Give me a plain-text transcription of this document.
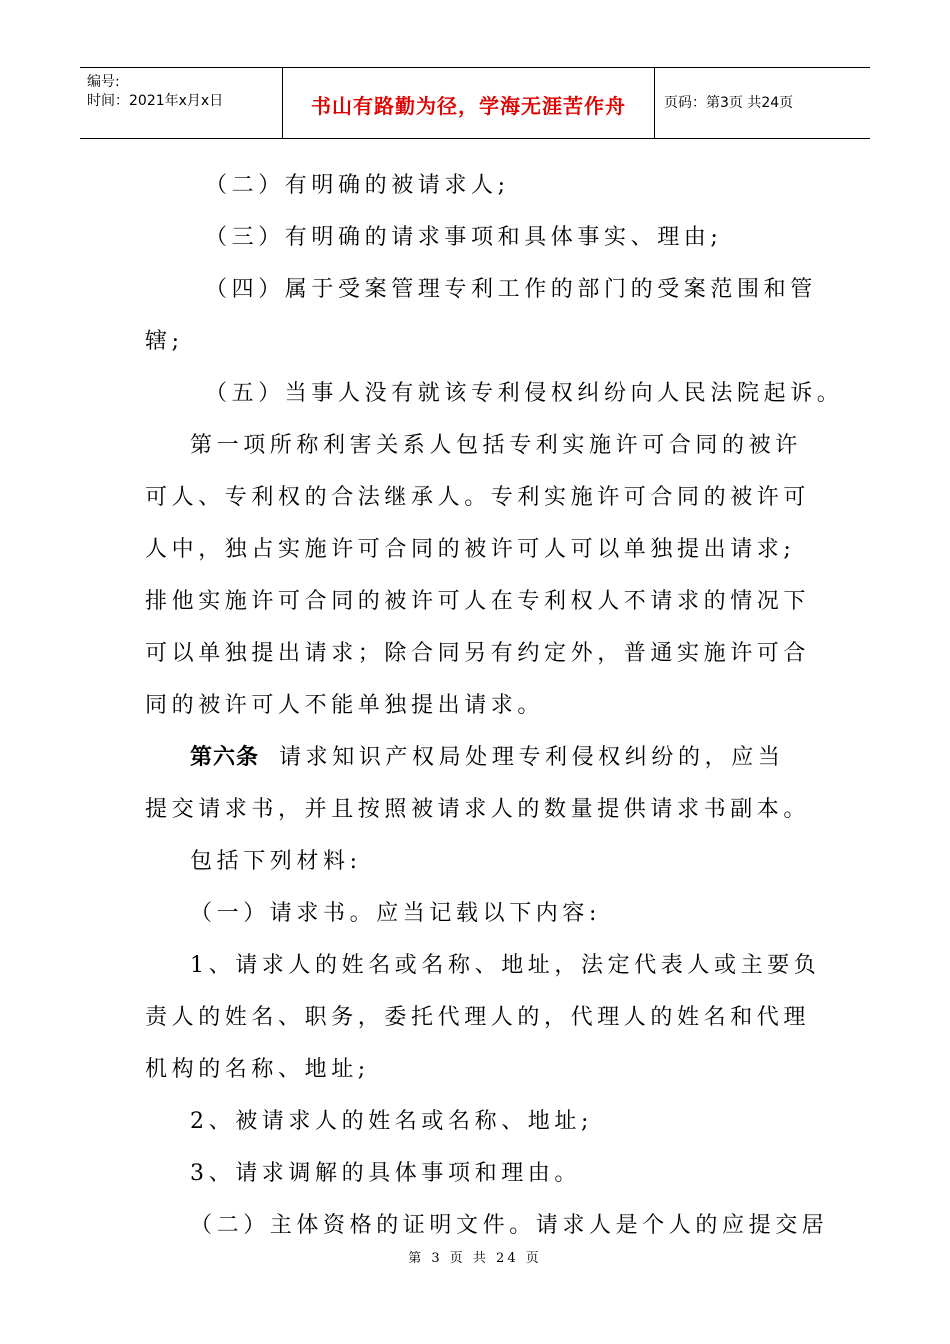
编号:
时间：2021年x月x日	书山有路勤为径，学海无涯苦作舟	页码：第3页 共24页
（二）有明确的被请求人;
（三）有明确的请求事项和具体事实、理由;
（四）属于受案管理专利工作的部门的受案范围和管
辖;
（五）当事人没有就该专利侵权纠纷向人民法院起诉。
第一项所称利害关系人包括专利实施许可合同的被许
可人、专利权的合法继承人。专利实施许可合同的被许可
人中，独占实施许可合同的被许可人可以单独提出请求;
排他实施许可合同的被许可人在专利权人不请求的情况下
可以单独提出请求；除合同另有约定外，普通实施许可合
同的被许可人不能单独提出请求。
第六条 请求知识产权局处理专利侵权纠纷的，应当
提交请求书，并且按照被请求人的数量提供请求书副本。
包括下列材料:
（一）请求书。应当记载以下内容:
1、请求人的姓名或名称、地址，法定代表人或主要负
责人的姓名、职务，委托代理人的，代理人的姓名和代理
机构的名称、地址;
2、被请求人的姓名或名称、地址;
3、请求调解的具体事项和理由。
（二）主体资格的证明文件。请求人是个人的应提交居
第 3 页 共 24 页
